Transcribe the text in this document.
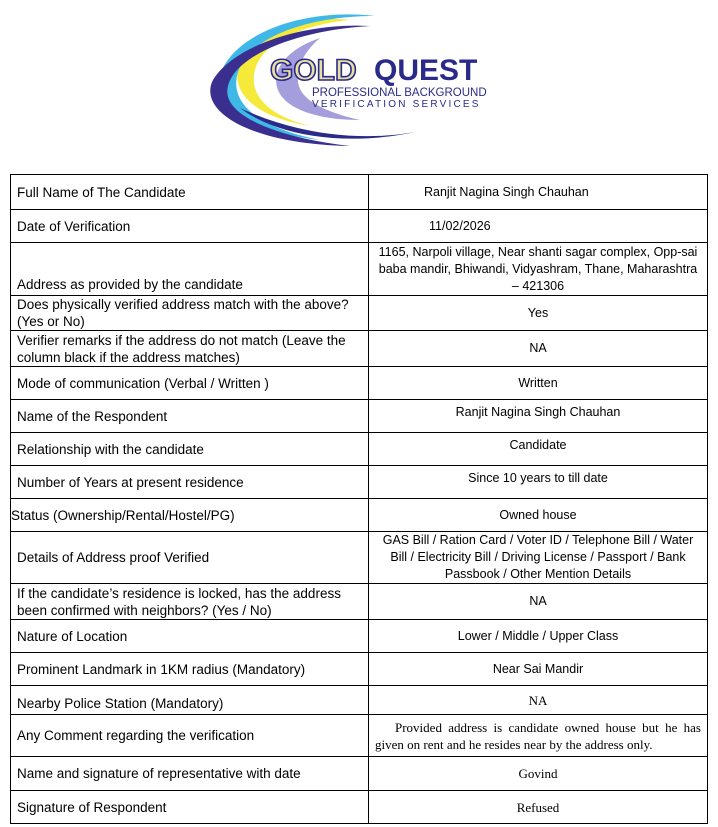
GOLD QUEST
PROFESSIONAL BACKGROUND
VERIFICATION SERVICES
Full Name of The Candidate	Ranjit Nagina Singh Chauhan
Date of Verification	11/02/2026
Address as provided by the candidate	1165, Narpoli village, Near shanti sagar complex, Opp-sai baba mandir, Bhiwandi, Vidyashram, Thane, Maharashtra – 421306
Does physically verified address match with the above? (Yes or No)	Yes
Verifier remarks if the address do not match (Leave the column black if the address matches)	NA
Mode of communication (Verbal / Written )	Written
Name of the Respondent	Ranjit Nagina Singh Chauhan
Relationship with the candidate	Candidate
Number of Years at present residence	Since 10 years to till date
Status (Ownership/Rental/Hostel/PG)	Owned house
Details of Address proof Verified	GAS Bill / Ration Card / Voter ID / Telephone Bill / Water Bill / Electricity Bill / Driving License / Passport / Bank Passbook / Other Mention Details
If the candidate’s residence is locked, has the address been confirmed with neighbors? (Yes / No)	NA
Nature of Location	Lower / Middle / Upper Class
Prominent Landmark in 1KM radius (Mandatory)	Near Sai Mandir
Nearby Police Station (Mandatory)	NA
Any Comment regarding the verification	Provided address is candidate owned house but he has given on rent and he resides near by the address only.
Name and signature of representative with date	Govind
Signature of Respondent	Refused
